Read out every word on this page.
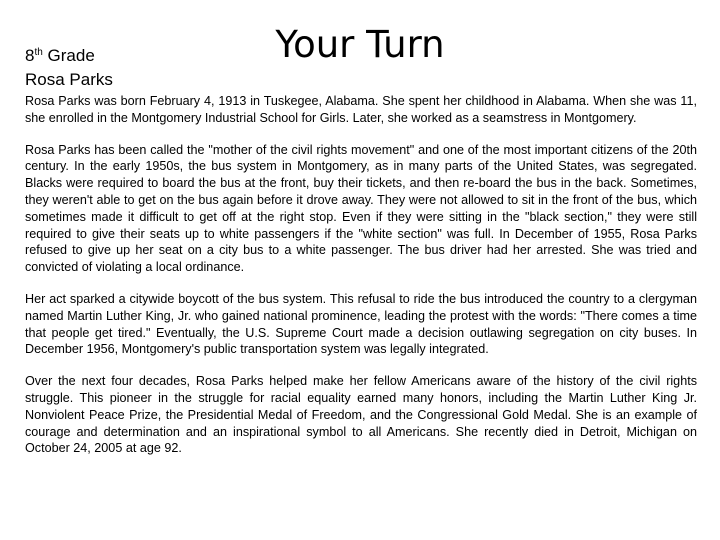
8th Grade
Rosa Parks
Your Turn

Rosa Parks was born February 4, 1913 in Tuskegee, Alabama. She spent her childhood in Alabama. When she was 11, she enrolled in the Montgomery Industrial School for Girls. Later, she worked as a seamstress in Montgomery.

Rosa Parks has been called the "mother of the civil rights movement" and one of the most important citizens of the 20th century. In the early 1950s, the bus system in Montgomery, as in many parts of the United States, was segregated. Blacks were required to board the bus at the front, buy their tickets, and then re-board the bus in the back. Sometimes, they weren't able to get on the bus again before it drove away. They were not allowed to sit in the front of the bus, which sometimes made it difficult to get off at the right stop. Even if they were sitting in the "black section," they were still required to give their seats up to white passengers if the "white section" was full. In December of 1955, Rosa Parks refused to give up her seat on a city bus to a white passenger. The bus driver had her arrested. She was tried and convicted of violating a local ordinance.

Her act sparked a citywide boycott of the bus system. This refusal to ride the bus introduced the country to a clergyman named Martin Luther King, Jr. who gained national prominence, leading the protest with the words: "There comes a time that people get tired." Eventually, the U.S. Supreme Court made a decision outlawing segregation on city buses. In December 1956, Montgomery's public transportation system was legally integrated.

Over the next four decades, Rosa Parks helped make her fellow Americans aware of the history of the civil rights struggle. This pioneer in the struggle for racial equality earned many honors, including the Martin Luther King Jr. Nonviolent Peace Prize, the Presidential Medal of Freedom, and the Congressional Gold Medal. She is an example of courage and determination and an inspirational symbol to all Americans. She recently died in Detroit, Michigan on October 24, 2005 at age 92.
